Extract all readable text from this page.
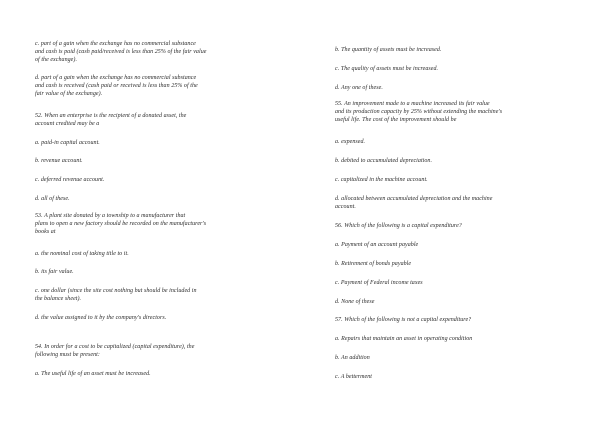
c. part of a gain when the exchange has no commercial substance
and cash is paid (cash paid/received is less than 25% of the fair value
of the exchange).
d. part of a gain when the exchange has no commercial substance
and cash is received (cash paid or received is less than 25% of the
fair value of the exchange).
52. When an enterprise is the recipient of a donated asset, the
account credited may be a
a. paid-in capital account.
b. revenue account.
c. deferred revenue account.
d. all of these.
53. A plant site donated by a township to a manufacturer that
plans to open a new factory should be recorded on the manufacturer's
books at
a. the nominal cost of taking title to it.
b. its fair value.
c. one dollar (since the site cost nothing but should be included in
the balance sheet).
d. the value assigned to it by the company's directors.
54. In order for a cost to be capitalized (capital expenditure), the
following must be present:
a. The useful life of an asset must be increased.
b. The quantity of assets must be increased.
c. The quality of assets must be increased.
d. Any one of these.
55. An improvement made to a machine increased its fair value
and its production capacity by 25% without extending the machine's
useful life. The cost of the improvement should be
a. expensed.
b. debited to accumulated depreciation.
c. capitalized in the machine account.
d. allocated between accumulated depreciation and the machine
account.
56. Which of the following is a capital expenditure?
a. Payment of an account payable
b. Retirement of bonds payable
c. Payment of Federal income taxes
d. None of these
57. Which of the following is not a capital expenditure?
a. Repairs that maintain an asset in operating condition
b. An addition
c. A betterment
